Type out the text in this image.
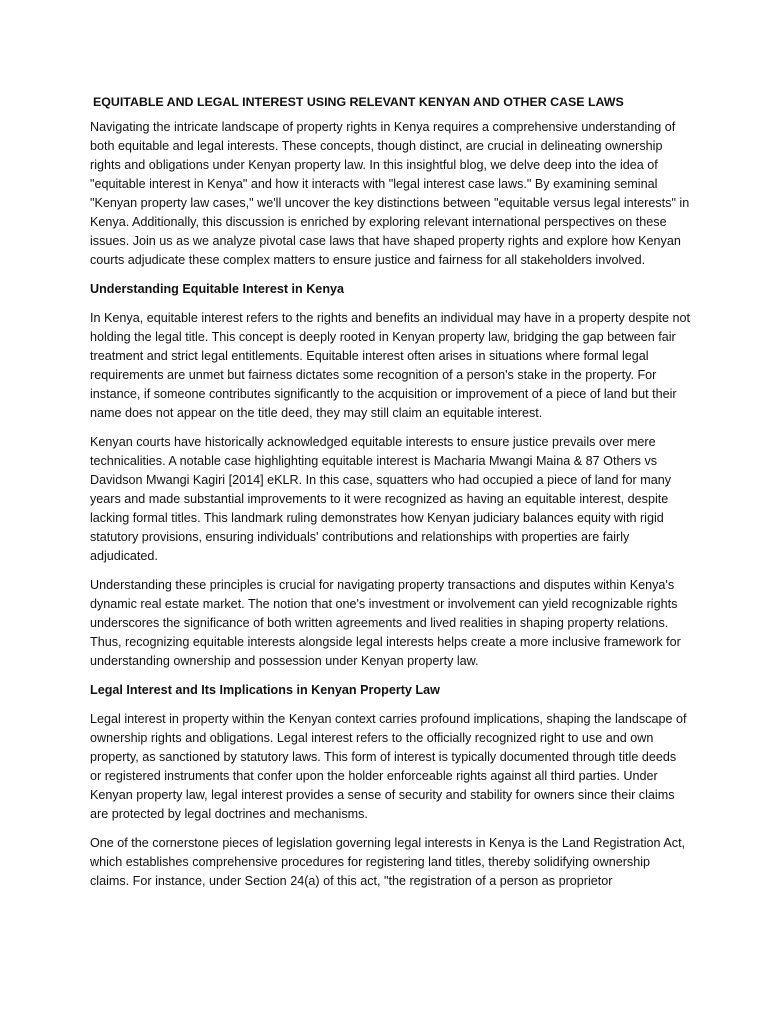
EQUITABLE AND LEGAL INTEREST USING RELEVANT KENYAN AND OTHER CASE LAWS

Navigating the intricate landscape of property rights in Kenya requires a comprehensive understanding of both equitable and legal interests. These concepts, though distinct, are crucial in delineating ownership rights and obligations under Kenyan property law. In this insightful blog, we delve deep into the idea of "equitable interest in Kenya" and how it interacts with "legal interest case laws." By examining seminal "Kenyan property law cases," we'll uncover the key distinctions between "equitable versus legal interests" in Kenya. Additionally, this discussion is enriched by exploring relevant international perspectives on these issues. Join us as we analyze pivotal case laws that have shaped property rights and explore how Kenyan courts adjudicate these complex matters to ensure justice and fairness for all stakeholders involved.

Understanding Equitable Interest in Kenya

In Kenya, equitable interest refers to the rights and benefits an individual may have in a property despite not holding the legal title. This concept is deeply rooted in Kenyan property law, bridging the gap between fair treatment and strict legal entitlements. Equitable interest often arises in situations where formal legal requirements are unmet but fairness dictates some recognition of a person's stake in the property. For instance, if someone contributes significantly to the acquisition or improvement of a piece of land but their name does not appear on the title deed, they may still claim an equitable interest.

Kenyan courts have historically acknowledged equitable interests to ensure justice prevails over mere technicalities. A notable case highlighting equitable interest is Macharia Mwangi Maina & 87 Others vs Davidson Mwangi Kagiri [2014] eKLR. In this case, squatters who had occupied a piece of land for many years and made substantial improvements to it were recognized as having an equitable interest, despite lacking formal titles. This landmark ruling demonstrates how Kenyan judiciary balances equity with rigid statutory provisions, ensuring individuals' contributions and relationships with properties are fairly adjudicated.

Understanding these principles is crucial for navigating property transactions and disputes within Kenya's dynamic real estate market. The notion that one's investment or involvement can yield recognizable rights underscores the significance of both written agreements and lived realities in shaping property relations. Thus, recognizing equitable interests alongside legal interests helps create a more inclusive framework for understanding ownership and possession under Kenyan property law.

Legal Interest and Its Implications in Kenyan Property Law

Legal interest in property within the Kenyan context carries profound implications, shaping the landscape of ownership rights and obligations. Legal interest refers to the officially recognized right to use and own property, as sanctioned by statutory laws. This form of interest is typically documented through title deeds or registered instruments that confer upon the holder enforceable rights against all third parties. Under Kenyan property law, legal interest provides a sense of security and stability for owners since their claims are protected by legal doctrines and mechanisms.

One of the cornerstone pieces of legislation governing legal interests in Kenya is the Land Registration Act, which establishes comprehensive procedures for registering land titles, thereby solidifying ownership claims. For instance, under Section 24(a) of this act, "the registration of a person as proprietor
